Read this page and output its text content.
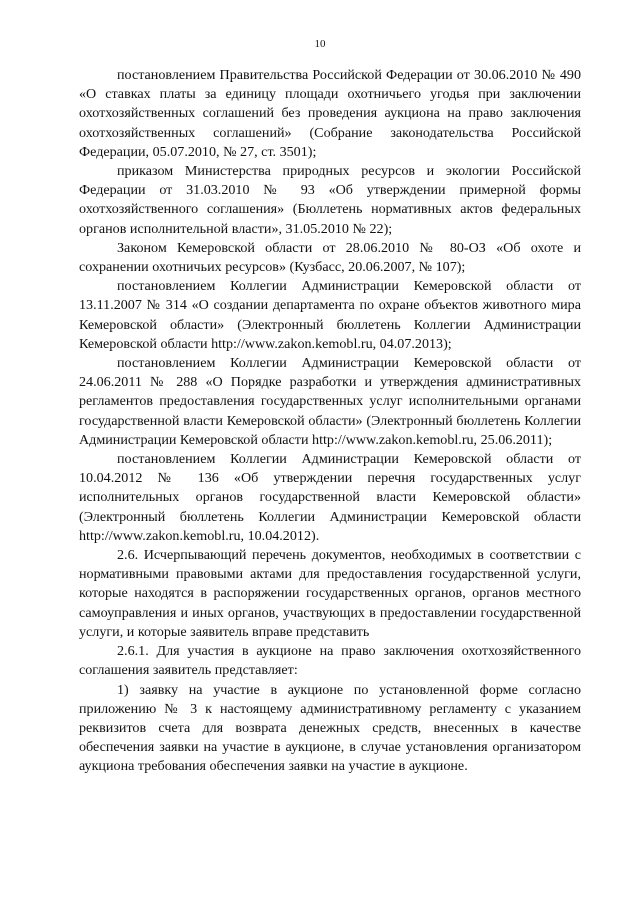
10

постановлением Правительства Российской Федерации от 30.06.2010 № 490 «О ставках платы за единицу площади охотничьего угодья при заключении охотхозяйственных соглашений без проведения аукциона на право заключения охотхозяйственных соглашений» (Собрание законодательства Российской Федерации, 05.07.2010, № 27, ст. 3501);

приказом Министерства природных ресурсов и экологии Российской Федерации от 31.03.2010 № 93 «Об утверждении примерной формы охотхозяйственного соглашения» (Бюллетень нормативных актов федеральных органов исполнительной власти», 31.05.2010 № 22);

Законом Кемеровской области от 28.06.2010 № 80-ОЗ «Об охоте и сохранении охотничьих ресурсов» (Кузбасс, 20.06.2007, № 107);

постановлением Коллегии Администрации Кемеровской области от 13.11.2007 № 314 «О создании департамента по охране объектов животного мира Кемеровской области» (Электронный бюллетень Коллегии Администрации Кемеровской области http://www.zakon.kemobl.ru, 04.07.2013);

постановлением Коллегии Администрации Кемеровской области от 24.06.2011 № 288 «О Порядке разработки и утверждения административных регламентов предоставления государственных услуг исполнительными органами государственной власти Кемеровской области» (Электронный бюллетень Коллегии Администрации Кемеровской области http://www.zakon.kemobl.ru, 25.06.2011);

постановлением Коллегии Администрации Кемеровской области от 10.04.2012 № 136 «Об утверждении перечня государственных услуг исполнительных органов государственной власти Кемеровской области» (Электронный бюллетень Коллегии Администрации Кемеровской области http://www.zakon.kemobl.ru, 10.04.2012).

2.6. Исчерпывающий перечень документов, необходимых в соответствии с нормативными правовыми актами для предоставления государственной услуги, которые находятся в распоряжении государственных органов, органов местного самоуправления и иных органов, участвующих в предоставлении государственной услуги, и которые заявитель вправе представить

2.6.1. Для участия в аукционе на право заключения охотхозяйственного соглашения заявитель представляет:

1) заявку на участие в аукционе по установленной форме согласно приложению № 3 к настоящему административному регламенту с указанием реквизитов счета для возврата денежных средств, внесенных в качестве обеспечения заявки на участие в аукционе, в случае установления организатором аукциона требования обеспечения заявки на участие в аукционе.
